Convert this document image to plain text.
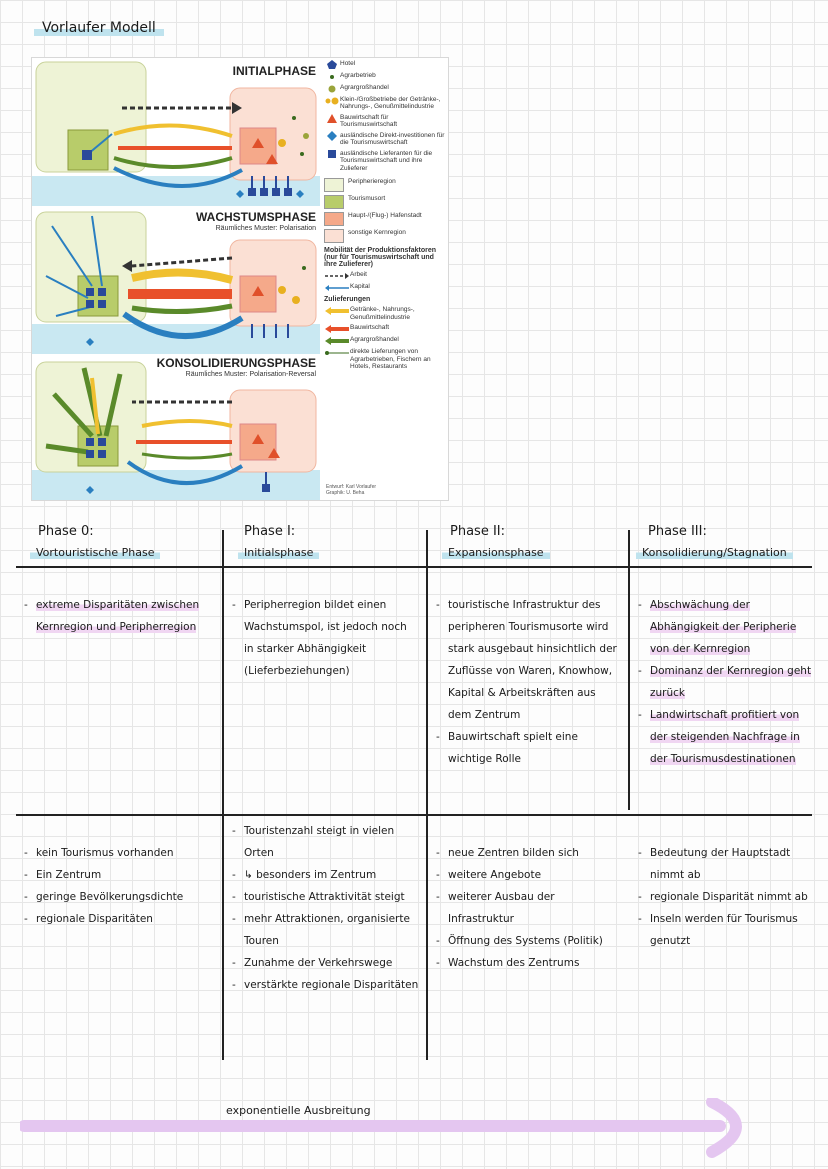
Vorlaufer Modell
INITIALPHASE
WACHSTUMSPHASE
Räumliches Muster: Polarisation
KONSOLIDIERUNGSPHASE
Räumliches Muster: Polarisation-Reversal
Hotel
Agrarbetrieb
Agrargroßhandel
Klein-/Großbetriebe der Getränke-, Nahrungs-, Genußmittelindustrie
Bauwirtschaft für Tourismuswirtschaft
ausländische Direkt-investitionen für die Tourismuswirtschaft
ausländische Lieferanten für die Tourismuswirtschaft und ihre Zulieferer
Peripherieregion
Tourismusort
Haupt-/(Flug-) Hafenstadt
sonstige Kernregion
Mobilität der Produktionsfaktoren (nur für Tourismuswirtschaft und ihre Zulieferer)
Arbeit
Kapital
Zulieferungen
Getränke-, Nahrungs-, Genußmittelindustrie
Bauwirtschaft
Agrargroßhandel
direkte Lieferungen von Agrarbetrieben, Fischern an Hotels, Restaurants
Entwurf: Karl Vorlaufer
Graphik: U. Beha
Phase 0:
Vortouristische Phase
Phase I:
Initialsphase
Phase II:
Expansionsphase
Phase III:
Konsolidierung/Stagnation
- extreme Disparitäten zwischen Kernregion und Peripherregion
- Peripherregion bildet einen Wachstumspol, ist jedoch noch in starker Abhängigkeit (Lieferbeziehungen)
- touristische Infrastruktur des peripheren Tourismusorte wird stark ausgebaut hinsichtlich der Zuflüsse von Waren, Knowhow, Kapital & Arbeitskräften aus dem Zentrum
- Bauwirtschaft spielt eine wichtige Rolle
- Abschwächung der Abhängigkeit der Peripherie von der Kernregion
- Dominanz der Kernregion geht zurück
- Landwirtschaft profitiert von der steigenden Nachfrage in der Tourismusdestinationen
- kein Tourismus vorhanden
- Ein Zentrum
- geringe Bevölkerungsdichte
- regionale Disparitäten
- Touristenzahl steigt in vielen Orten
- ↳ besonders im Zentrum
- touristische Attraktivität steigt
- mehr Attraktionen, organisierte Touren
- Zunahme der Verkehrswege
- verstärkte regionale Disparitäten
- neue Zentren bilden sich
- weitere Angebote
- weiterer Ausbau der Infrastruktur
- Öffnung des Systems (Politik)
- Wachstum des Zentrums
- Bedeutung der Hauptstadt nimmt ab
- regionale Disparität nimmt ab
- Inseln werden für Tourismus genutzt
exponentielle Ausbreitung
